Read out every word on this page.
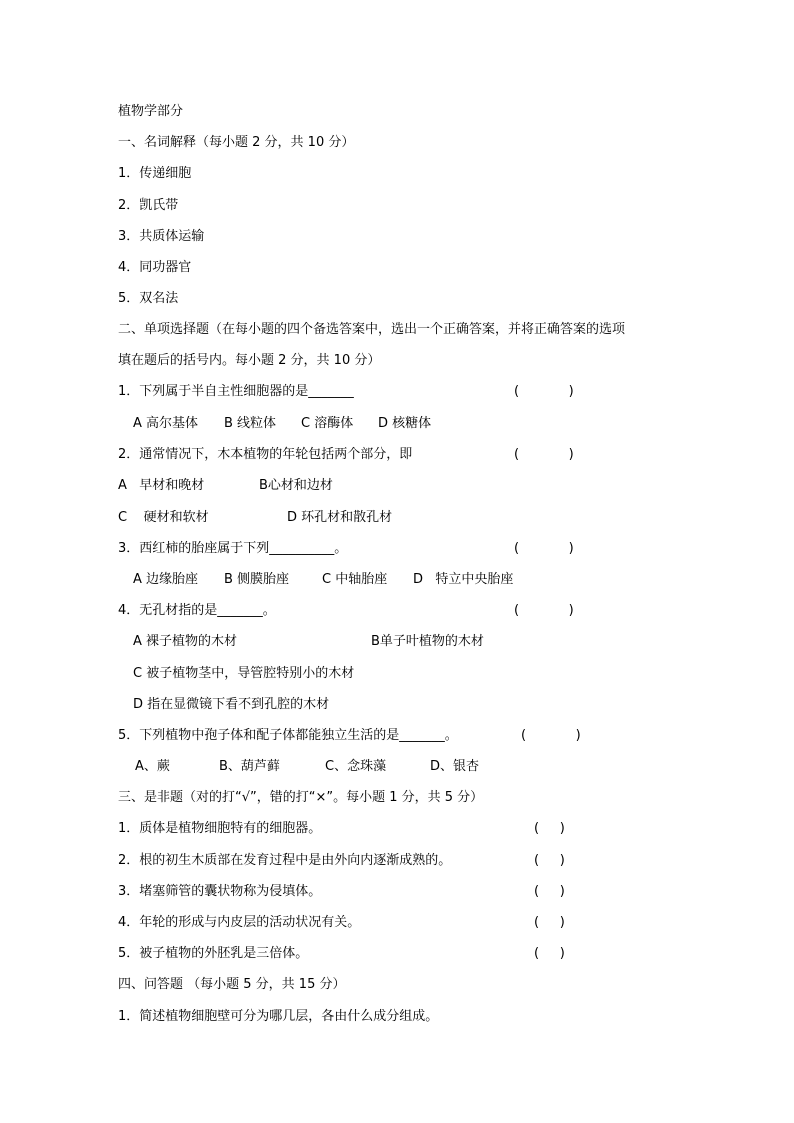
植物学部分
一、名词解释（每小题 2 分，共 10 分）
1．传递细胞
2．凯氏带
3．共质体运输
4．同功器官
5．双名法
二、单项选择题（在每小题的四个备选答案中，选出一个正确答案，并将正确答案的选项
填在题后的括号内。每小题 2 分，共 10 分）
1．下列属于半自主性细胞器的是_______	(            )
A 高尔基体 B 线粒体 C 溶酶体 D 核糖体
2．通常情况下，木本植物的年轮包括两个部分，即	(            )
A   早材和晚材	B心材和边材
C    硬材和软材	D 环孔材和散孔材
3．西红柿的胎座属于下列__________。	(            )
A 边缘胎座 B 侧膜胎座	C 中轴胎座 D   特立中央胎座
4．无孔材指的是_______。	(            )
A 裸子植物的木材	B单子叶植物的木材
C 被子植物茎中，导管腔特别小的木材
D 指在显微镜下看不到孔腔的木材
5．下列植物中孢子体和配子体都能独立生活的是_______。	(            )
A、蕨	B、葫芦藓	C、念珠藻	D、银杏
三、是非题（对的打“√”，错的打“×”。每小题 1 分，共 5 分）
1．质体是植物细胞特有的细胞器。	(     )
2．根的初生木质部在发育过程中是由外向内逐渐成熟的。	(     )
3．堵塞筛管的囊状物称为侵填体。	(     )
4．年轮的形成与内皮层的活动状况有关。	(     )
5．被子植物的外胚乳是三倍体。	(     )
四、问答题 （每小题 5 分，共 15 分）
1．简述植物细胞壁可分为哪几层，各由什么成分组成。
